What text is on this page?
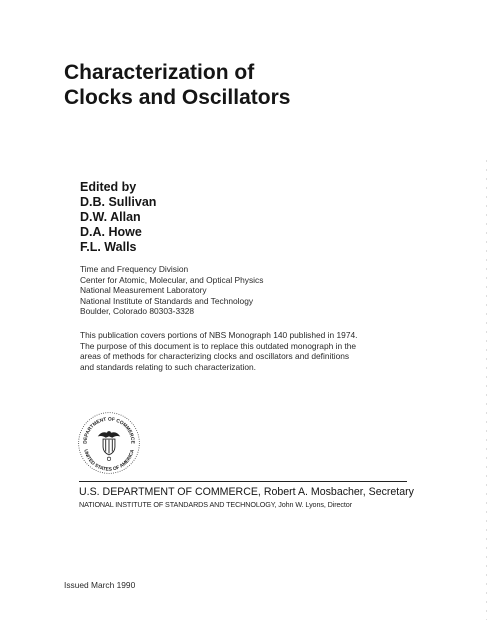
Characterization of
Clocks and Oscillators
Edited by
D.B. Sullivan
D.W. Allan
D.A. Howe
F.L. Walls
Time and Frequency Division
Center for Atomic, Molecular, and Optical Physics
National Measurement Laboratory
National Institute of Standards and Technology
Boulder, Colorado 80303-3328
This publication covers portions of NBS Monograph 140 published in 1974.
The purpose of this document is to replace this outdated monograph in the
areas of methods for characterizing clocks and oscillators and definitions
and standards relating to such characterization.
DEPARTMENT OF COMMERCE
UNITED STATES OF AMERICA
U.S. DEPARTMENT OF COMMERCE, Robert A. Mosbacher, Secretary
NATIONAL INSTITUTE OF STANDARDS AND TECHNOLOGY, John W. Lyons, Director
Issued March 1990
